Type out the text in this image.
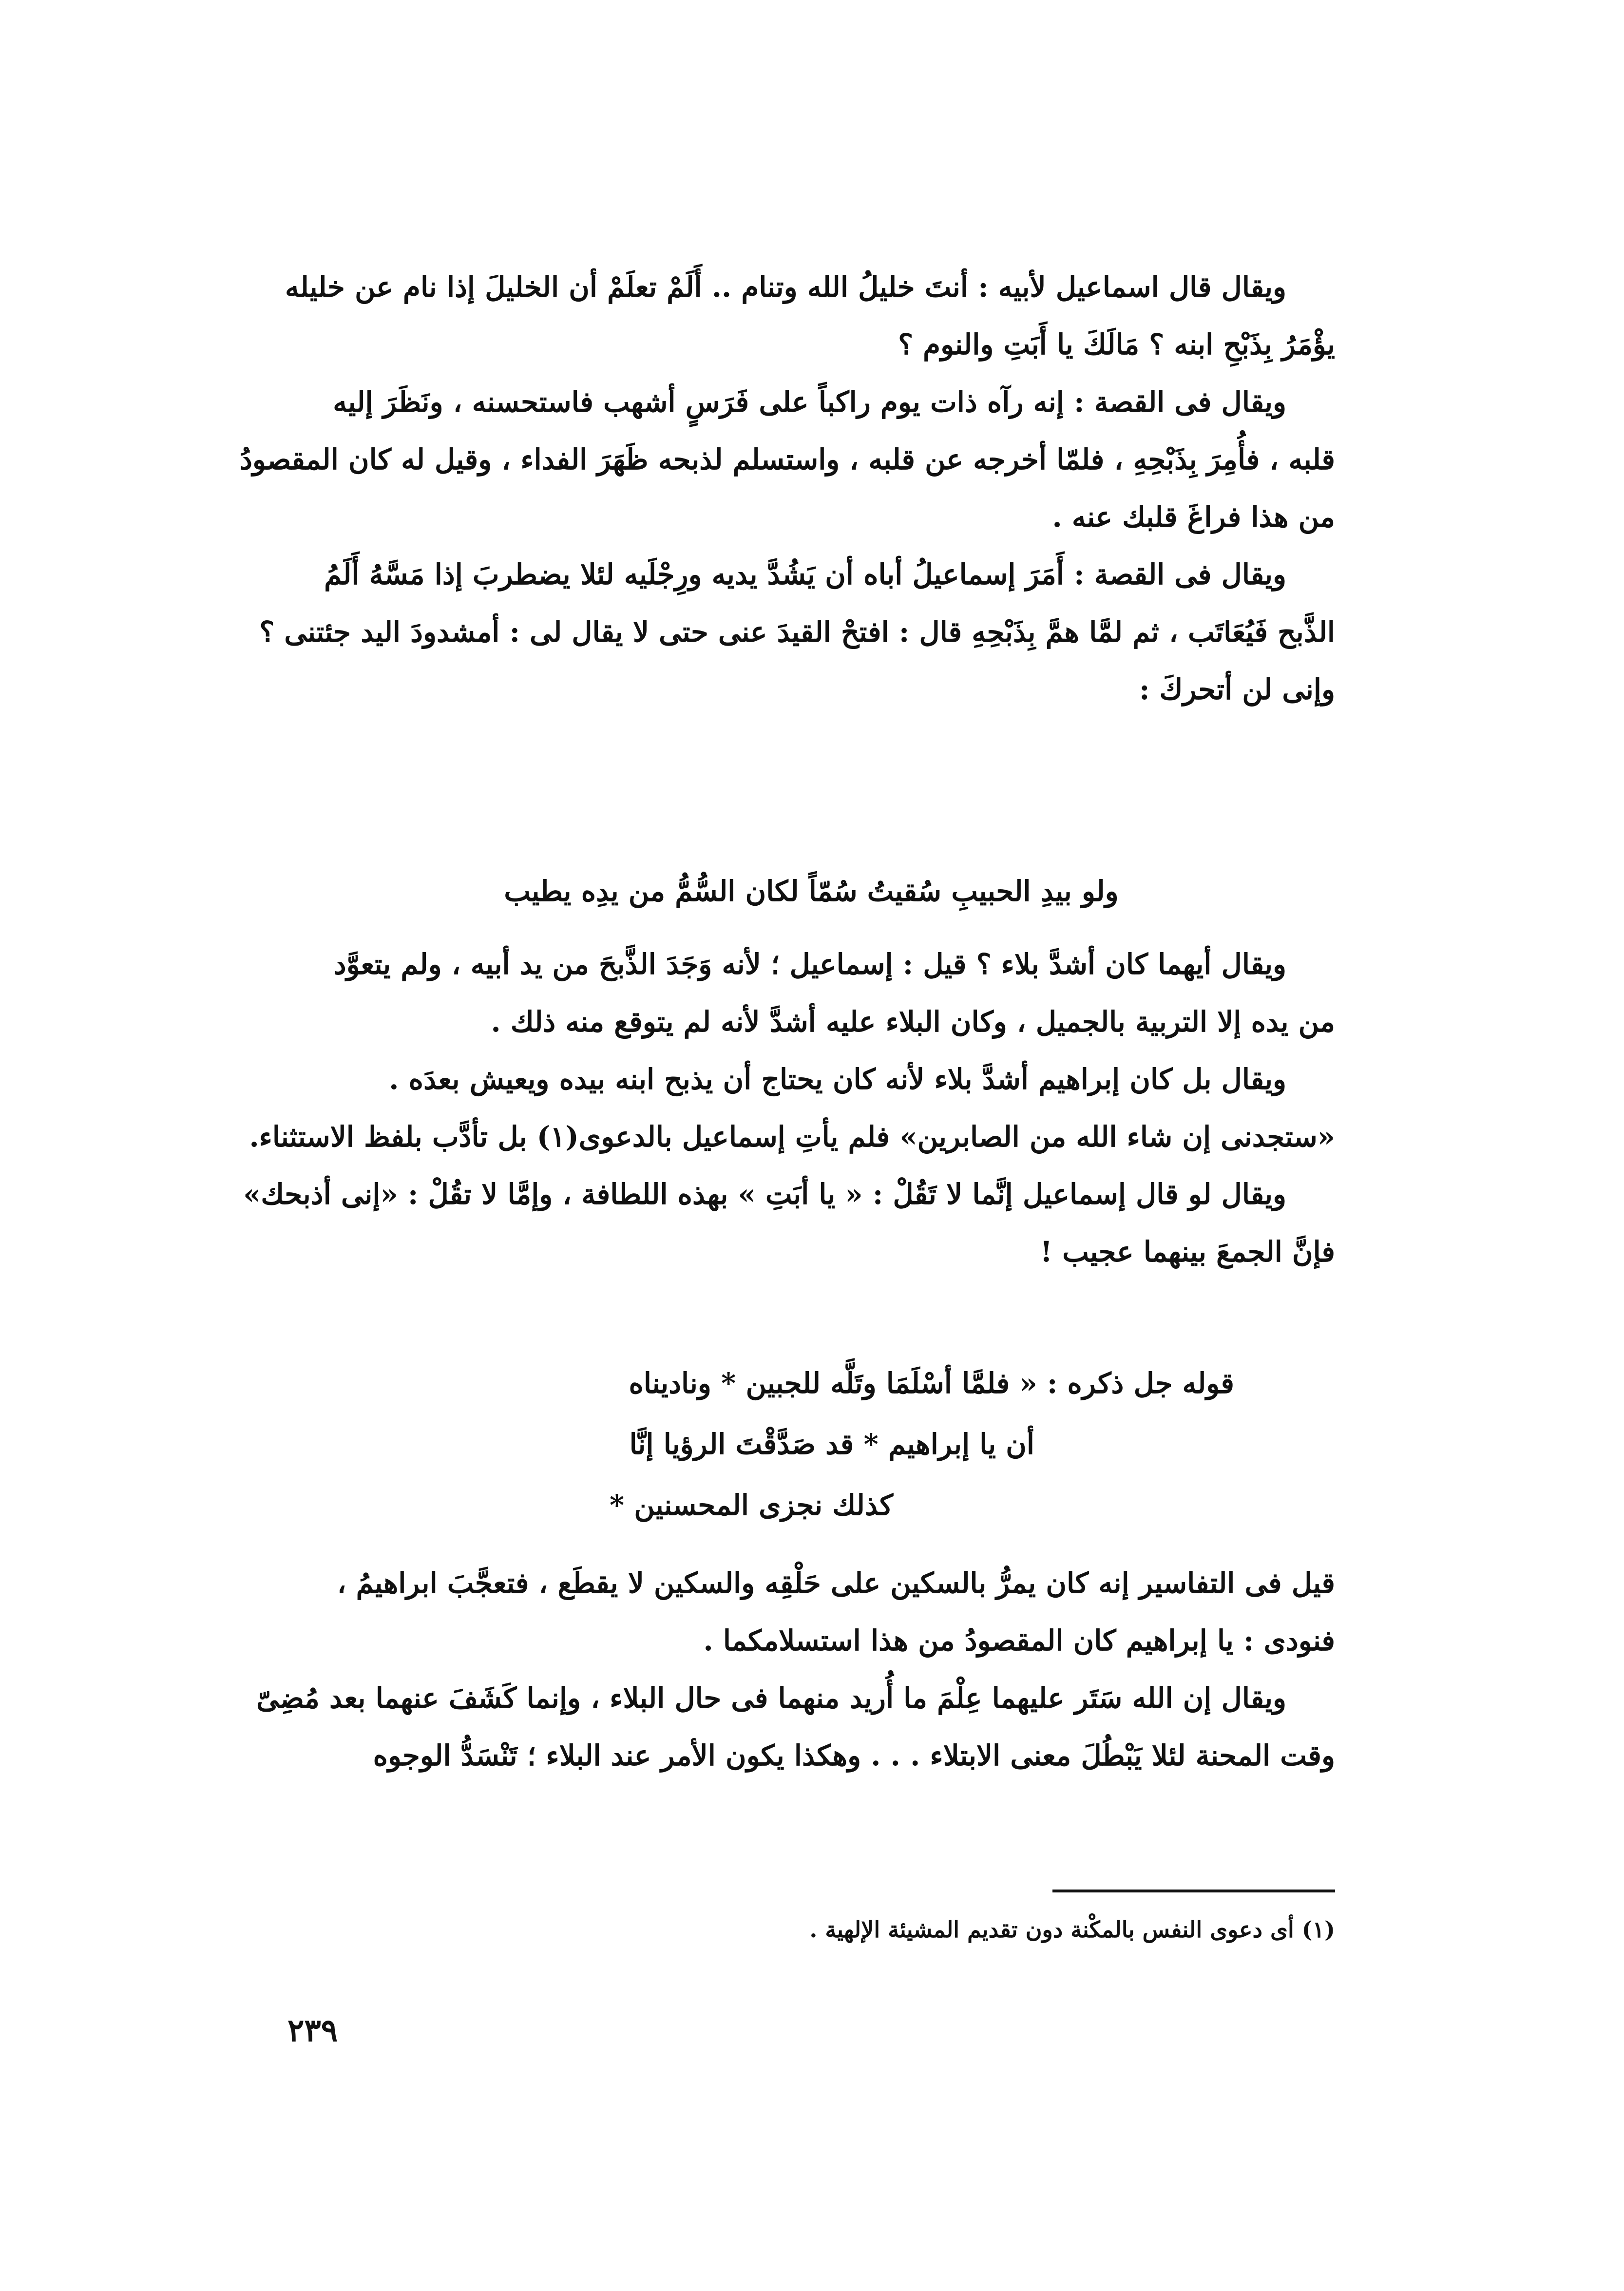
ويقال قال اسماعيل لأبيه : أنتَ خليلُ الله وتنام .. أَلَمْ تعلَمْ أن الخليلَ إذا نام عن خليله
يؤْمَرُ بِذَبْحِ ابنه ؟ مَالَكَ يا أَبَتِ والنوم ؟

ويقال فى القصة : إنه رآه ذات يوم راكباً على فَرَسٍ أشهب فاستحسنه ، ونَظَرَ إليه
قلبه ، فأُمِرَ بِذَبْحِهِ ، فلمّا أخرجه عن قلبه ، واستسلم لذبحه ظَهَرَ الفداء ، وقيل له كان المقصودُ
من هذا فراغَ قلبك عنه .

ويقال فى القصة : أَمَرَ إسماعيلُ أباه أن يَشُدَّ يديه ورِجْلَيه لئلا يضطربَ إذا مَسَّهُ أَلَمُ
الذَّبح فَيُعَاتَب ، ثم لمَّا همَّ بِذَبْحِهِ قال : افتحْ القيدَ عنى حتى لا يقال لى : أمشدودَ اليد جئتنى ؟
وإنى لن أتحركَ :

ولو بيدِ الحبيبِ سُقيتُ سُمّاً لكان السُّمُّ من يدِه يطيب

ويقال أيهما كان أشدَّ بلاء ؟ قيل : إسماعيل ؛ لأنه وَجَدَ الذَّبحَ من يد أبيه ، ولم يتعوَّد
من يده إلا التربية بالجميل ، وكان البلاء عليه أشدَّ لأنه لم يتوقع منه ذلك .

ويقال بل كان إبراهيم أشدَّ بلاء لأنه كان يحتاج أن يذبح ابنه بيده ويعيش بعدَه .

«ستجدنى إن شاء الله من الصابرين» فلم يأتِ إسماعيل بالدعوى(١) بل تأدَّب بلفظ الاستثناء.

ويقال لو قال إسماعيل إنَّما لا تَقُلْ : « يا أبَتِ » بهذه اللطافة ، وإمَّا لا تقُلْ : «إنى أذبحك»
فإنَّ الجمعَ بينهما عجيب !

قوله جل ذكره : « فلمَّا أسْلَمَا وتَلَّه للجبين * وناديناه
أن يا إبراهيم * قد صَدَّقْتَ الرؤيا إنَّا
كذلك نجزى المحسنين *

قيل فى التفاسير إنه كان يمرُّ بالسكين على حَلْقِه والسكين لا يقطَع ، فتعجَّبَ ابراهيمُ ،
فنودى : يا إبراهيم كان المقصودُ من هذا استسلامكما .

ويقال إن الله سَتَر عليهما عِلْمَ ما أُريد منهما فى حال البلاء ، وإنما كَشَفَ عنهما بعد مُضِىّ
وقت المحنة لئلا يَبْطُلَ معنى الابتلاء . . . وهكذا يكون الأمر عند البلاء ؛ تَنْسَدُّ الوجوه

(١) أى دعوى النفس بالمكْنة دون تقديم المشيئة الإلهية .
٢٣٩
